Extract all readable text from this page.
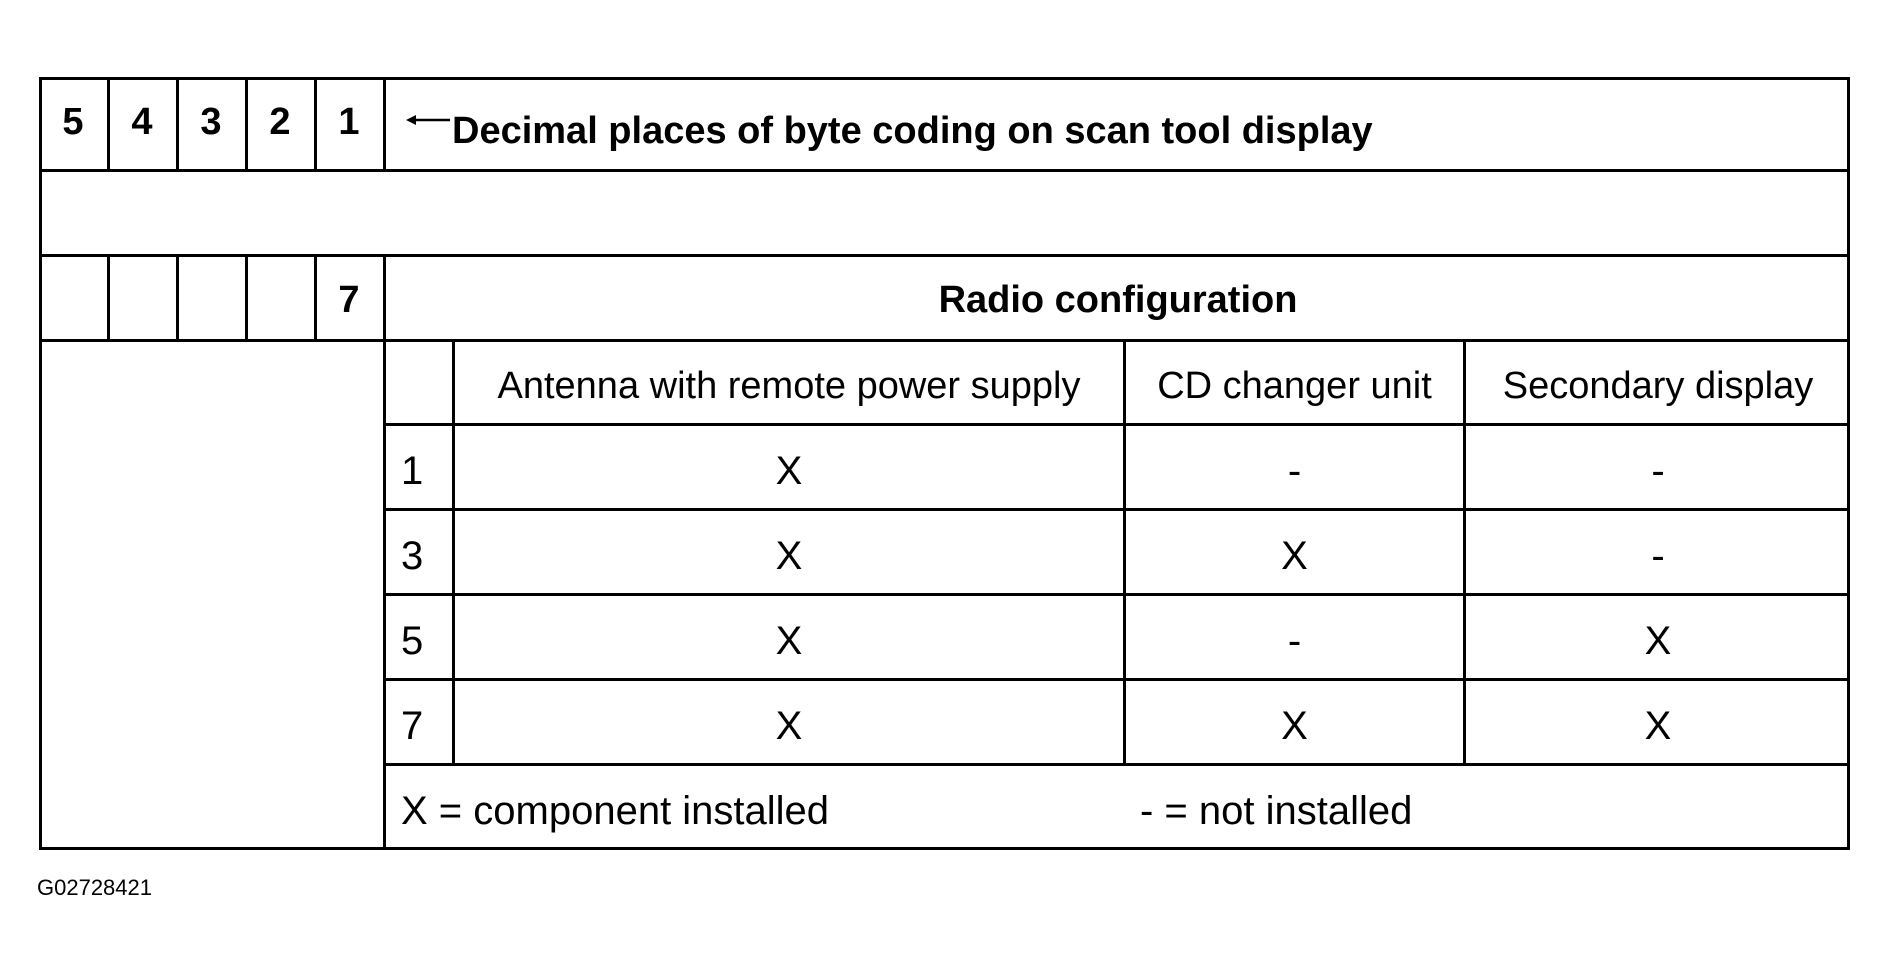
5	4	3	2	1	Decimal places of byte coding on scan tool display
7	Radio configuration
Antenna with remote power supply	CD changer unit	Secondary display
1	X	-	-
3	X	X	-
5	X	-	X
7	X	X	X
X = component installed	- = not installed
G02728421
